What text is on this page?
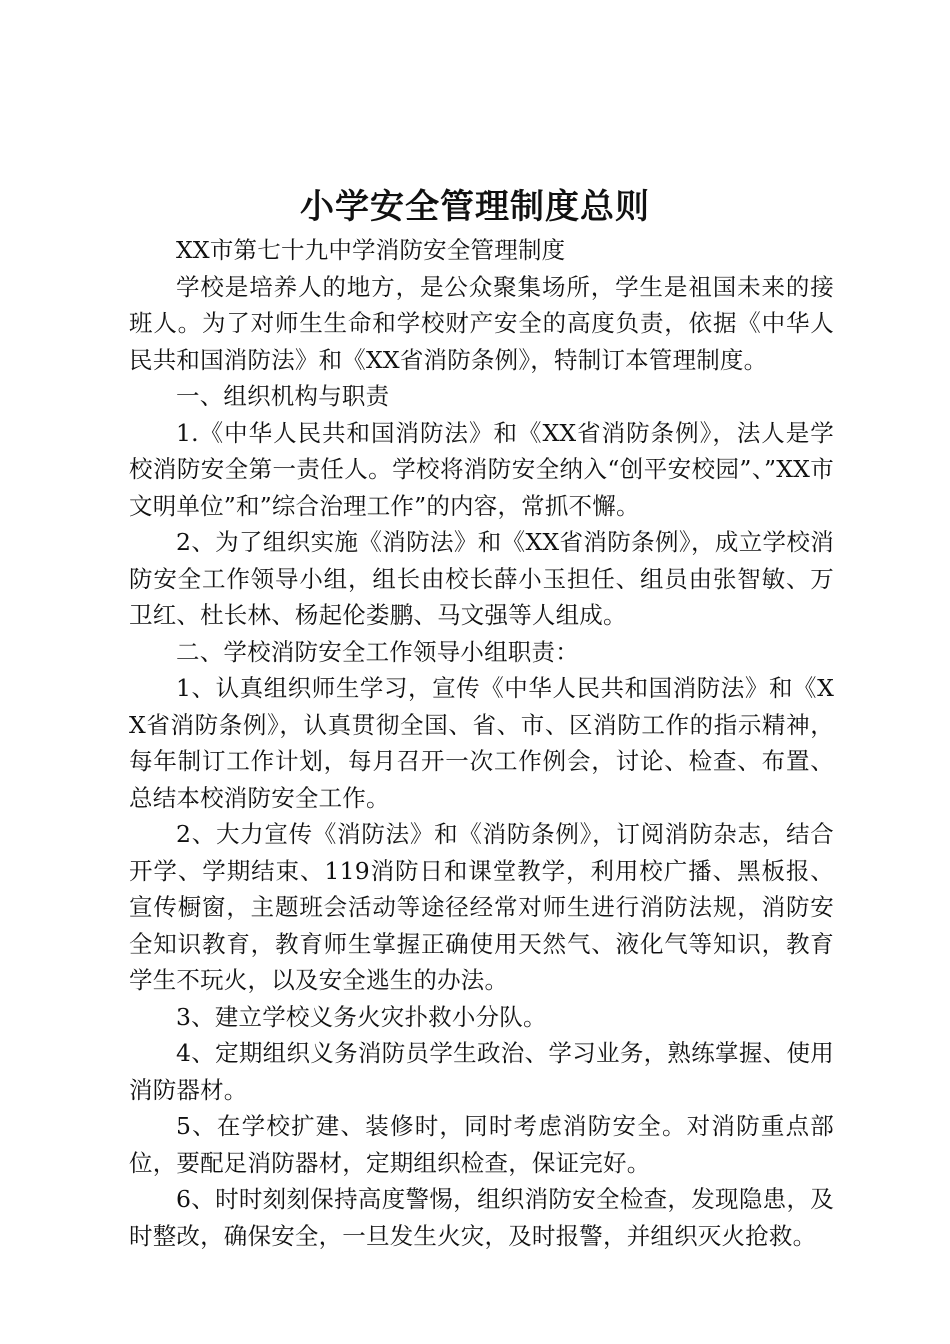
小学安全管理制度总则

XX市第七十九中学消防安全管理制度

学校是培养人的地方，是公众聚集场所，学生是祖国未来的接班人。为了对师生生命和学校财产安全的高度负责，依据《中华人民共和国消防法》和《XX省消防条例》，特制订本管理制度。

一、组织机构与职责

1.《中华人民共和国消防法》和《XX省消防条例》，法人是学校消防安全第一责任人。学校将消防安全纳入“创平安校园”、”XX市文明单位”和”综合治理工作”的内容，常抓不懈。

2、为了组织实施《消防法》和《XX省消防条例》，成立学校消防安全工作领导小组，组长由校长薛小玉担任、组员由张智敏、万卫红、杜长林、杨起伦娄鹏、马文强等人组成。

二、学校消防安全工作领导小组职责：

1、认真组织师生学习，宣传《中华人民共和国消防法》和《XX省消防条例》，认真贯彻全国、省、市、区消防工作的指示精神，每年制订工作计划，每月召开一次工作例会，讨论、检查、布置、总结本校消防安全工作。

2、大力宣传《消防法》和《消防条例》，订阅消防杂志，结合开学、学期结束、119消防日和课堂教学，利用校广播、黑板报、宣传橱窗，主题班会活动等途径经常对师生进行消防法规，消防安全知识教育，教育师生掌握正确使用天然气、液化气等知识，教育学生不玩火，以及安全逃生的办法。

3、建立学校义务火灾扑救小分队。

4、定期组织义务消防员学生政治、学习业务，熟练掌握、使用消防器材。

5、在学校扩建、装修时，同时考虑消防安全。对消防重点部位，要配足消防器材，定期组织检查，保证完好。

6、时时刻刻保持高度警惕，组织消防安全检查，发现隐患，及时整改，确保安全，一旦发生火灾，及时报警，并组织灭火抢救。
